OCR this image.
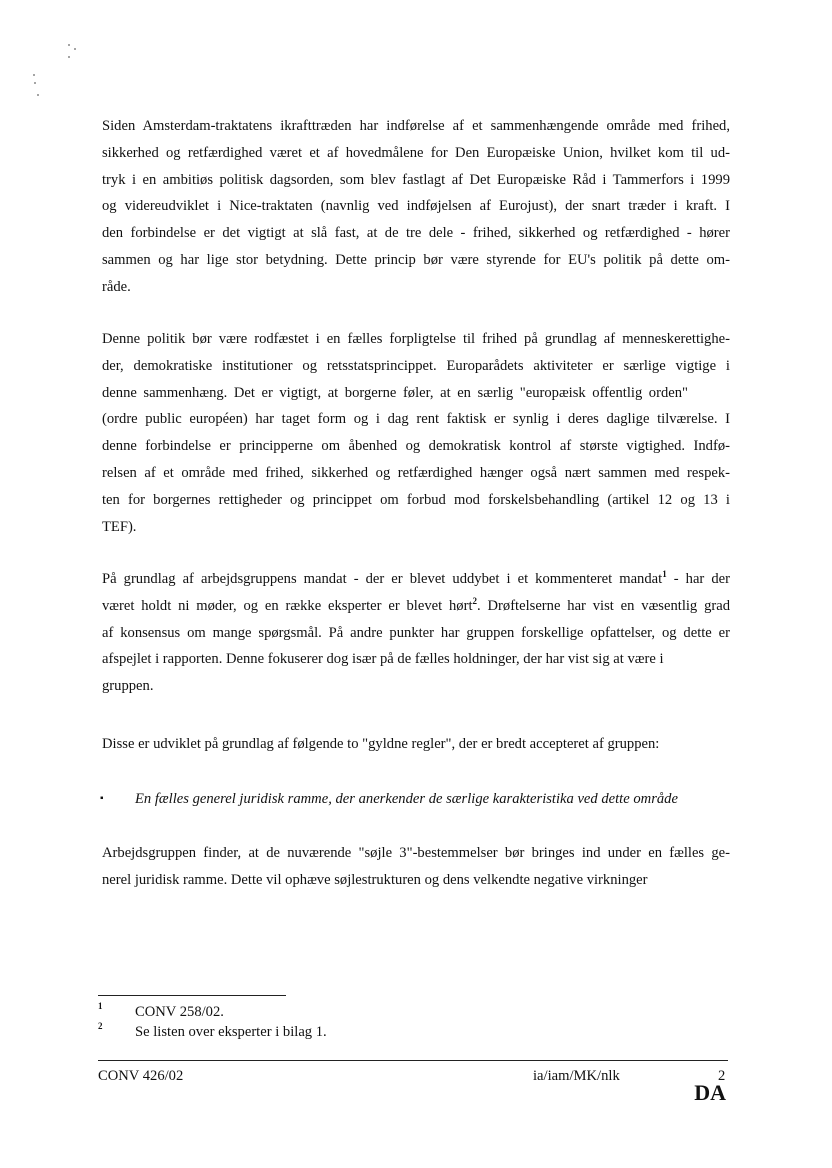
Siden Amsterdam-traktatens ikrafttræden har indførelse af et sammenhængende område med frihed,
sikkerhed og retfærdighed været et af hovedmålene for Den Europæiske Union, hvilket kom til ud-
tryk i en ambitiøs politisk dagsorden, som blev fastlagt af Det Europæiske Råd i Tammerfors i 1999
og videreudviklet i Nice-traktaten (navnlig ved indføjelsen af Eurojust), der snart træder i kraft. I
den forbindelse er det vigtigt at slå fast, at de tre dele - frihed, sikkerhed og retfærdighed - hører
sammen og har lige stor betydning. Dette princip bør være styrende for EU's politik på dette om-
råde.
Denne politik bør være rodfæstet i en fælles forpligtelse til frihed på grundlag af menneskerettighe-
der, demokratiske institutioner og retsstatsprincippet. Europarådets aktiviteter er særlige vigtige i
denne sammenhæng. Det er vigtigt, at borgerne føler, at en særlig "europæisk offentlig orden"
(ordre public européen) har taget form og i dag rent faktisk er synlig i deres daglige tilværelse. I
denne forbindelse er principperne om åbenhed og demokratisk kontrol af største vigtighed. Indfø-
relsen af et område med frihed, sikkerhed og retfærdighed hænger også nært sammen med respek-
ten for borgernes rettigheder og princippet om forbud mod forskelsbehandling (artikel 12 og 13 i
TEF).
På grundlag af arbejdsgruppens mandat - der er blevet uddybet i et kommenteret mandat$^1$ - har der
været holdt ni møder, og en række eksperter er blevet hørt$^2$. Drøftelserne har vist en væsentlig grad
af konsensus om mange spørgsmål. På andre punkter har gruppen forskellige opfattelser, og dette er
afspejlet i rapporten. Denne fokuserer dog især på de fælles holdninger, der har vist sig at være i
gruppen.
Disse er udviklet på grundlag af følgende to "gyldne regler", der er bredt accepteret af gruppen:
▪ En fælles generel juridisk ramme, der anerkender de særlige karakteristika ved dette område
Arbejdsgruppen finder, at de nuværende "søjle 3"-bestemmelser bør bringes ind under en fælles ge-
nerel juridisk ramme. Dette vil ophæve søjlestrukturen og dens velkendte negative virkninger
1 CONV 258/02.
2 Se listen over eksperter i bilag 1.
CONV 426/02	ia/iam/MK/nlk	2
DA
